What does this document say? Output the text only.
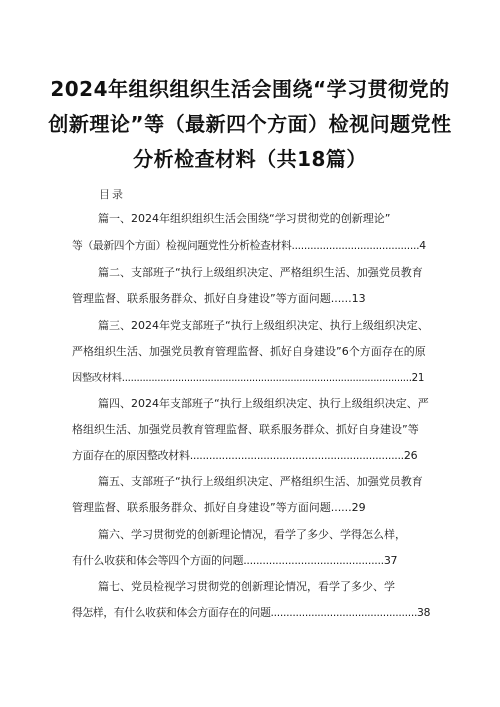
2024年组织组织生活会围绕“学习贯彻党的
创新理论”等（最新四个方面）检视问题党性
分析检查材料（共18篇）
目录
篇一、2024年组织组织生活会围绕“学习贯彻党的创新理论”
等（最新四个方面）检视问题党性分析检查材料.........................................4
篇二、支部班子“执行上级组织决定、严格组织生活、加强党员教育
管理监督、联系服务群众、抓好自身建设”等方面问题......13
篇三、2024年党支部班子“执行上级组织决定、执行上级组织决定、
严格组织生活、加强党员教育管理监督、抓好自身建设”6个方面存在的原
因整改材料..................................................................................................21
篇四、2024年支部班子“执行上级组织决定、执行上级组织决定、严
格组织生活、加强党员教育管理监督、联系服务群众、抓好自身建设”等
方面存在的原因整改材料...................................................................26
篇五、支部班子“执行上级组织决定、严格组织生活、加强党员教育
管理监督、联系服务群众、抓好自身建设”等方面问题......29
篇六、学习贯彻党的创新理论情况，看学了多少、学得怎么样，
有什么收获和体会等四个方面的问题............................................37
篇七、党员检视学习贯彻党的创新理论情况，看学了多少、学
得怎样，有什么收获和体会方面存在的问题...............................................38
